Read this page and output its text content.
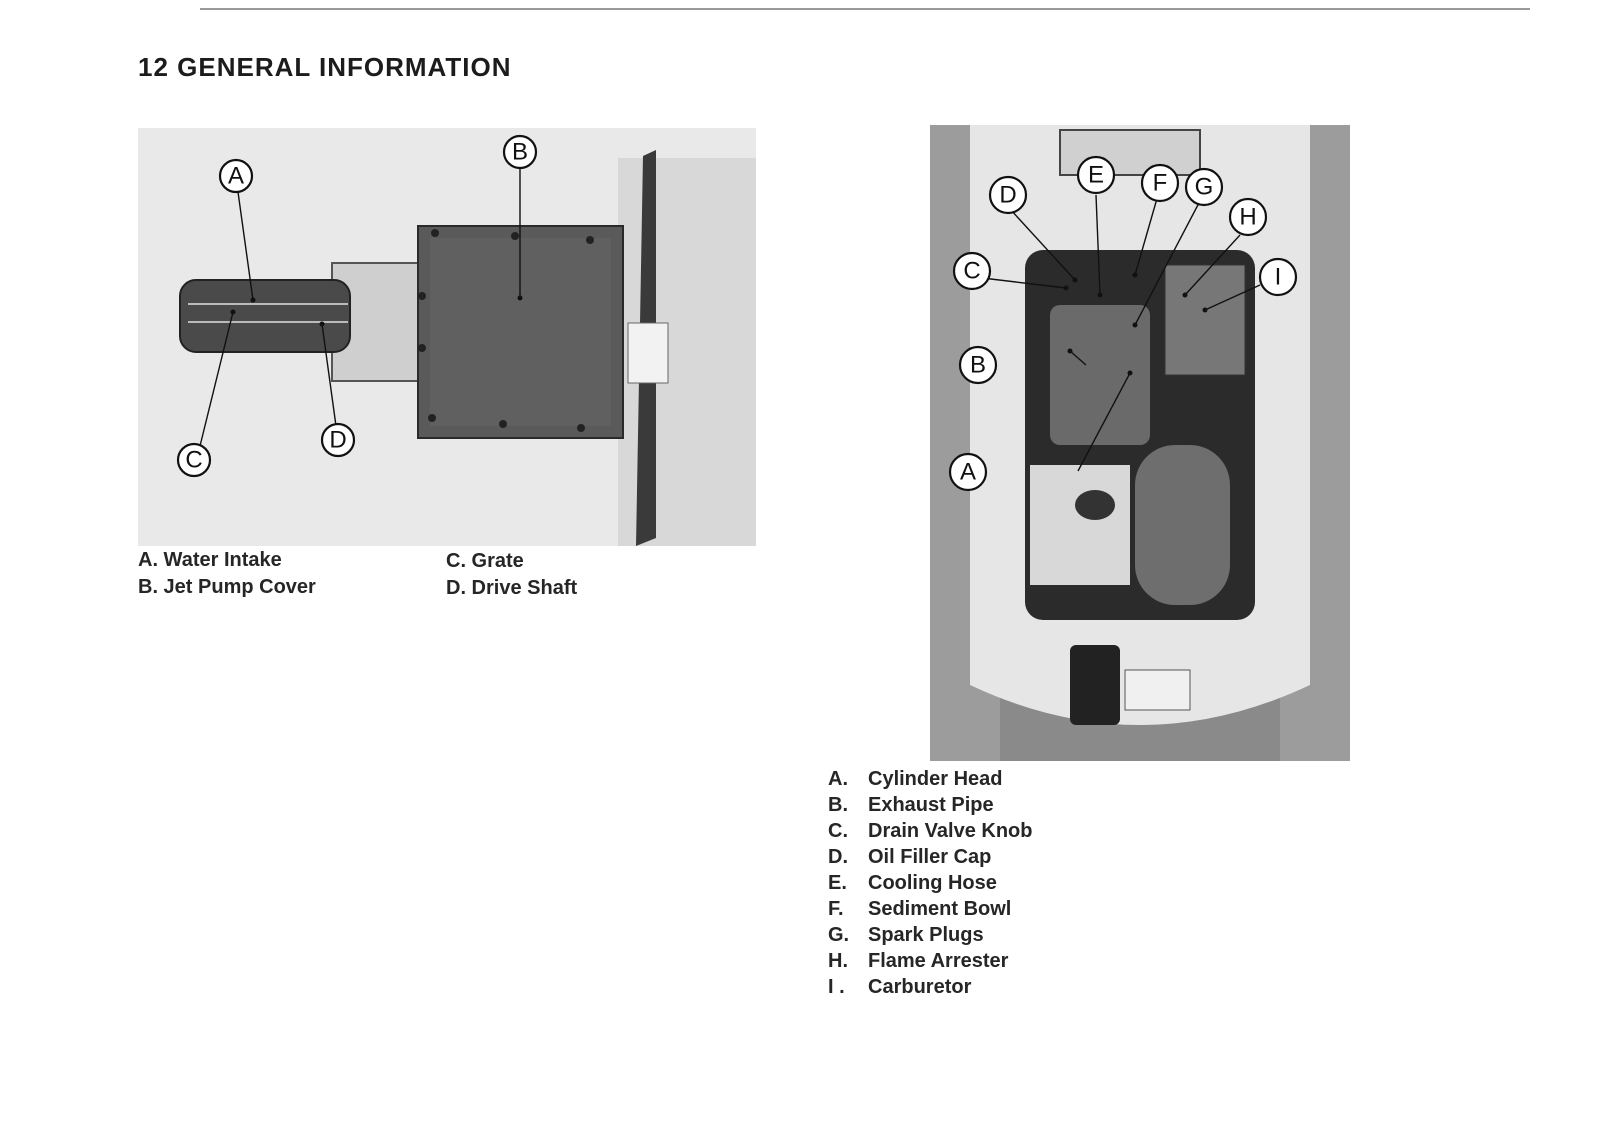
12 GENERAL INFORMATION
A
B
C
D
A. Water Intake
B. Jet Pump Cover
C. Grate
D. Drive Shaft
A
B
C
D
E F G
H
I
A. Cylinder Head
B. Exhaust Pipe
C. Drain Valve Knob
D. Oil Filler Cap
E. Cooling Hose
F. Sediment Bowl
G. Spark Plugs
H. Flame Arrester
I . Carburetor
